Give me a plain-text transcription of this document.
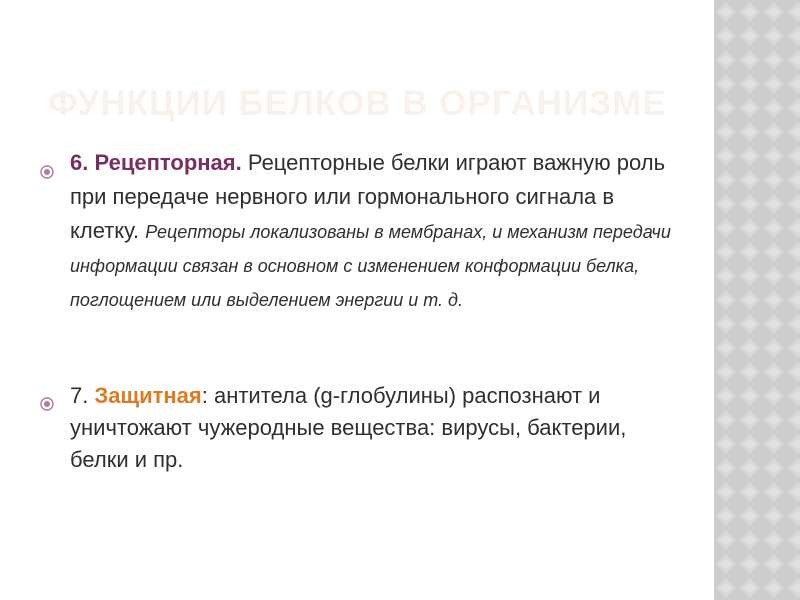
ФУНКЦИИ БЕЛКОВ В ОРГАНИЗМЕ
6. Рецепторная. Рецепторные белки играют важную роль при передаче нервного или гормонального сигнала в клетку. Рецепторы локализованы в мембранах, и механизм передачи информации связан в основном с изменением конформации белка, поглощением или выделением энергии и т. д.
7. Защитная: антитела (g-глобулины) распознают и уничтожают чужеродные вещества: вирусы, бактерии, белки и пр.
